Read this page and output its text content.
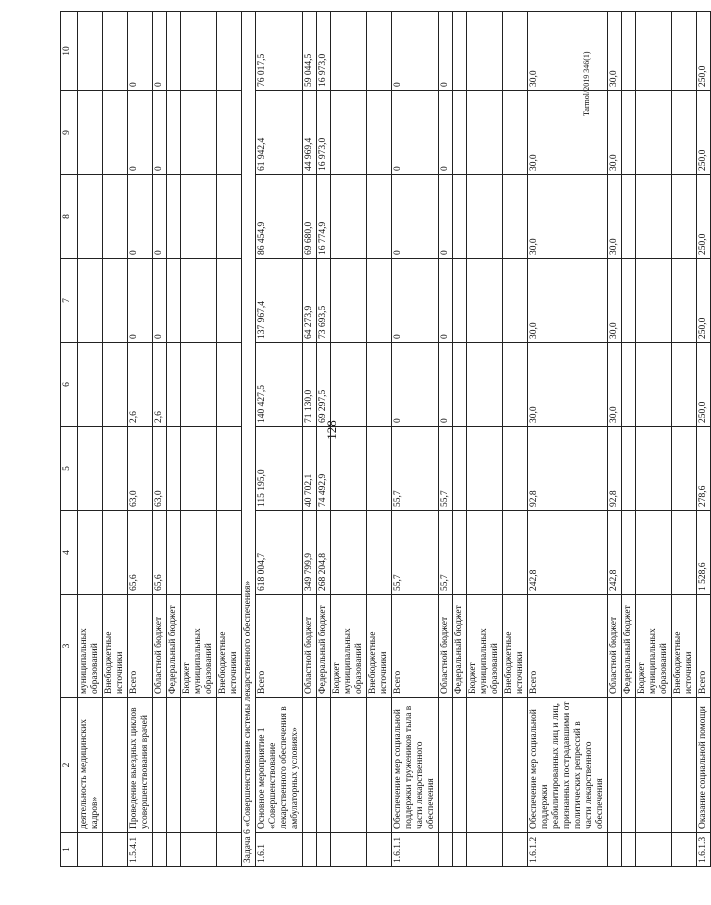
128
Tarmol/2019 346(1)
1	2	3	4	5	6	7	8	9	10
	деятельность медицинских кадров»	муниципальных образований							
		Внебюджетные источники							
1.5.4.1	Проведение выездных циклов усовершенствования врачей	Всего	65,6	63,0	2,6	0	0	0	0
		Областной бюджет	65,6	63,0	2,6	0	0	0	0
		Федеральный бюджет							
		Бюджет муниципальных образований							
		Внебюджетные источники							
Задача 6 «Совершенствование системы лекарственного обеспечения»									
1.6.1	Основное мероприятие 1 «Совершенствование лекарственного обеспечения в амбулаторных условиях»	Всего	618 004,7	115 195,0	140 427,5	137 967,4	86 454,9	61 942,4	76 017,5
		Областной бюджет	349 799,9	40 702,1	71 130,0	64 273,9	69 680,0	44 969,4	59 044,5
		Федеральный бюджет	268 204,8	74 492,9	69 297,5	73 693,5	16 774,9	16 973,0	16 973,0
		Бюджет муниципальных образований							
		Внебюджетные источники							
1.6.1.1	Обеспечение мер социальной поддержки тружеников тыла в части лекарственного обеспечения	Всего	55,7	55,7	0	0	0	0	0
		Областной бюджет	55,7	55,7	0	0	0	0	0
		Федеральный бюджет							
		Бюджет муниципальных образований							
		Внебюджетные источники							
1.6.1.2	Обеспечение мер социальной поддержки реабилитированных лиц и лиц, признанных пострадавшими от политических репрессий в части лекарственного обеспечения	Всего	242,8	92,8	30,0	30,0	30,0	30,0	30,0
		Областной бюджет	242,8	92,8	30,0	30,0	30,0	30,0	30,0
		Федеральный бюджет							
		Бюджет муниципальных образований							
		Внебюджетные источники							
1.6.1.3	Оказание социальной помощи	Всего	1 528,6	278,6	250,0	250,0	250,0	250,0	250,0
